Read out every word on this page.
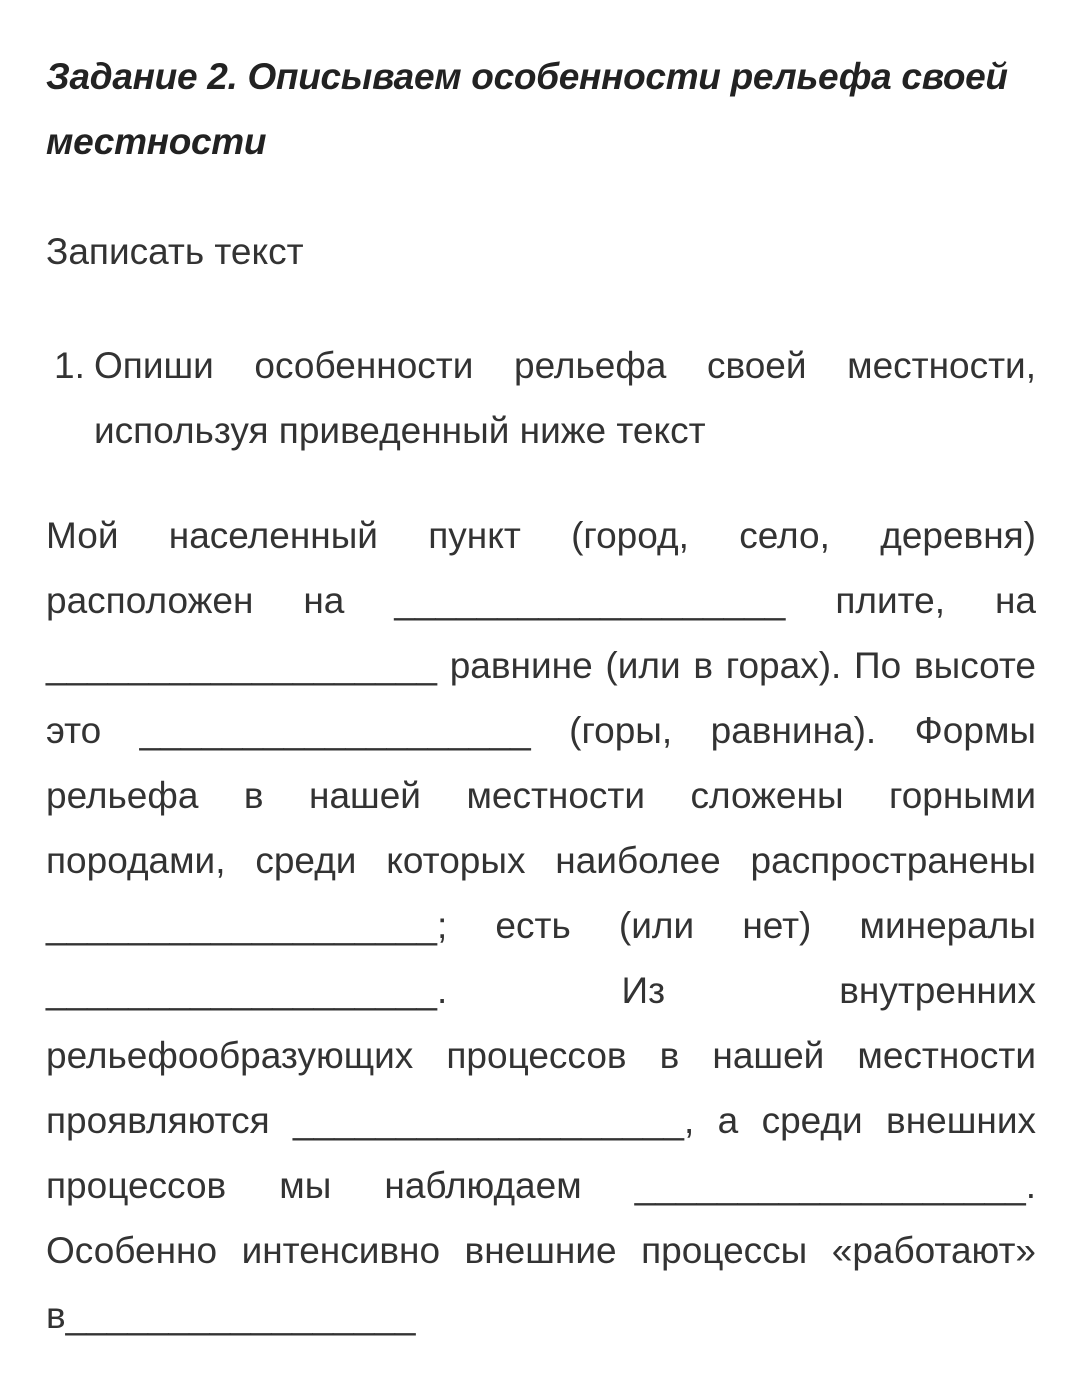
Задание 2. Описываем особенности рельефа своей местности

Записать текст

1. Опиши особенности рельефа своей местности, используя приведенный ниже текст

Мой населенный пункт (город, село, деревня) расположен на ___________________ плите, на ___________________ равнине (или в горах). По высоте это ___________________ (горы, равнина). Формы рельефа в нашей местности сложены горными породами, среди которых наиболее распространены ___________________; есть (или нет) минералы ___________________. Из внутренних рельефообразующих процессов в нашей местности проявляются ___________________, а среди внешних процессов мы наблюдаем ___________________. Особенно интенсивно внешние процессы «работают» в_________________
